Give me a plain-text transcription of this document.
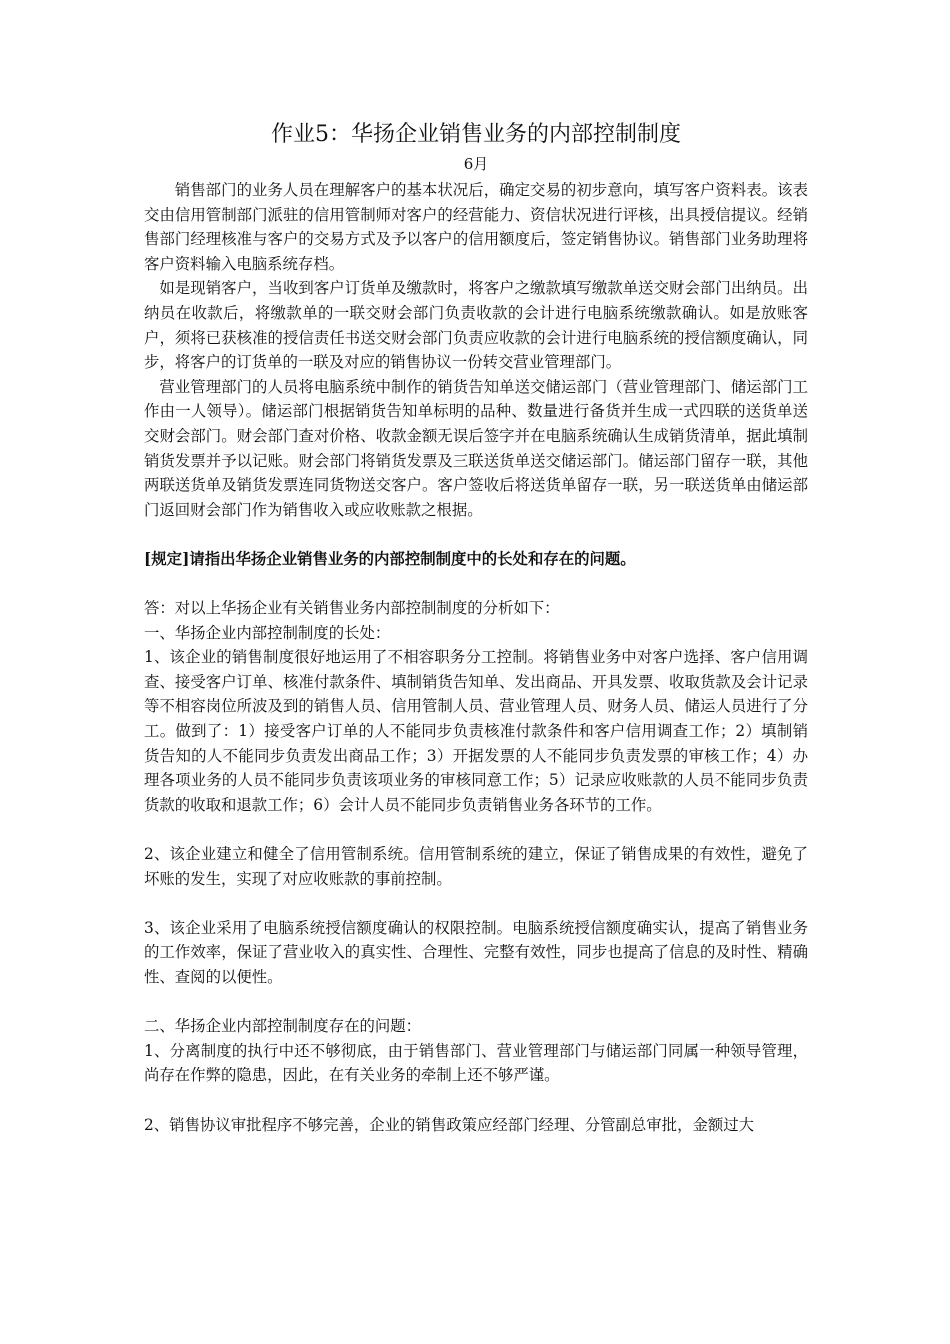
作业5：华扬企业销售业务的内部控制制度
6月

销售部门的业务人员在理解客户的基本状况后，确定交易的初步意向，填写客户资料表。该表交由信用管制部门派驻的信用管制师对客户的经营能力、资信状况进行评核，出具授信提议。经销售部门经理核准与客户的交易方式及予以客户的信用额度后，签定销售协议。销售部门业务助理将客户资料输入电脑系统存档。

如是现销客户，当收到客户订货单及缴款时，将客户之缴款填写缴款单送交财会部门出纳员。出纳员在收款后，将缴款单的一联交财会部门负责收款的会计进行电脑系统缴款确认。如是放账客户，须将已获核准的授信责任书送交财会部门负责应收款的会计进行电脑系统的授信额度确认，同步，将客户的订货单的一联及对应的销售协议一份转交营业管理部门。

营业管理部门的人员将电脑系统中制作的销货告知单送交储运部门（营业管理部门、储运部门工作由一人领导）。储运部门根据销货告知单标明的品种、数量进行备货并生成一式四联的送货单送交财会部门。财会部门查对价格、收款金额无误后签字并在电脑系统确认生成销货清单，据此填制销货发票并予以记账。财会部门将销货发票及三联送货单送交储运部门。储运部门留存一联，其他两联送货单及销货发票连同货物送交客户。客户签收后将送货单留存一联，另一联送货单由储运部门返回财会部门作为销售收入或应收账款之根据。

[规定]请指出华扬企业销售业务的内部控制制度中的长处和存在的问题。

答：对以上华扬企业有关销售业务内部控制制度的分析如下：

一、华扬企业内部控制制度的长处：

1、该企业的销售制度很好地运用了不相容职务分工控制。将销售业务中对客户选择、客户信用调查、接受客户订单、核准付款条件、填制销货告知单、发出商品、开具发票、收取货款及会计记录等不相容岗位所波及到的销售人员、信用管制人员、营业管理人员、财务人员、储运人员进行了分工。做到了：1）接受客户订单的人不能同步负责核准付款条件和客户信用调查工作；2）填制销货告知的人不能同步负责发出商品工作；3）开据发票的人不能同步负责发票的审核工作；4）办理各项业务的人员不能同步负责该项业务的审核同意工作；5）记录应收账款的人员不能同步负责货款的收取和退款工作；6）会计人员不能同步负责销售业务各环节的工作。

2、该企业建立和健全了信用管制系统。信用管制系统的建立，保证了销售成果的有效性，避免了坏账的发生，实现了对应收账款的事前控制。

3、该企业采用了电脑系统授信额度确认的权限控制。电脑系统授信额度确实认，提高了销售业务的工作效率，保证了营业收入的真实性、合理性、完整有效性，同步也提高了信息的及时性、精确性、查阅的以便性。

二、华扬企业内部控制制度存在的问题：

1、分离制度的执行中还不够彻底，由于销售部门、营业管理部门与储运部门同属一种领导管理，尚存在作弊的隐患，因此，在有关业务的牵制上还不够严谨。

2、销售协议审批程序不够完善，企业的销售政策应经部门经理、分管副总审批，金额过大
